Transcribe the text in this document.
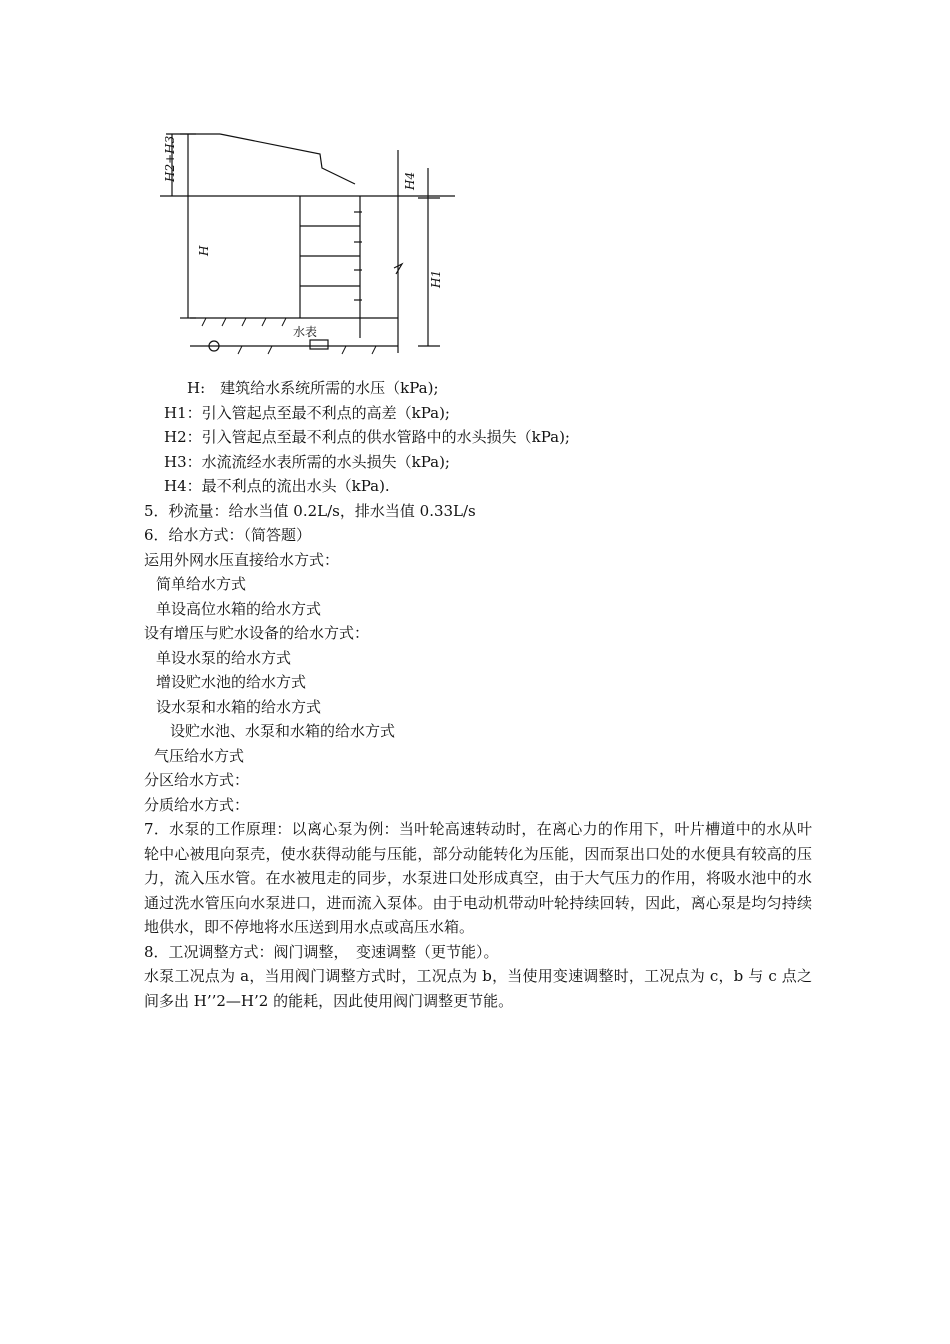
H2+H3
H
H4
H1
水表
H:　建筑给水系统所需的水压（kPa);
H1：引入管起点至最不利点的高差（kPa);
H2：引入管起点至最不利点的供水管路中的水头损失（kPa);
H3：水流流经水表所需的水头损失（kPa);
H4：最不利点的流出水头（kPa).
5．秒流量：给水当值 0.2L/s，排水当值 0.33L/s
6．给水方式：（简答题）
运用外网水压直接给水方式：
简单给水方式
单设高位水箱的给水方式
设有增压与贮水设备的给水方式：
单设水泵的给水方式
增设贮水池的给水方式
设水泵和水箱的给水方式
设贮水池、水泵和水箱的给水方式
气压给水方式
分区给水方式：
分质给水方式：
7．水泵的工作原理：以离心泵为例：当叶轮高速转动时，在离心力的作用下，叶片槽道中的水从叶轮中心被甩向泵壳，使水获得动能与压能，部分动能转化为压能，因而泵出口处的水便具有较高的压力，流入压水管。在水被甩走的同步，水泵进口处形成真空，由于大气压力的作用，将吸水池中的水通过洗水管压向水泵进口，进而流入泵体。由于电动机带动叶轮持续回转，因此，离心泵是均匀持续地供水，即不停地将水压送到用水点或高压水箱。
8．工况调整方式：阀门调整，　变速调整（更节能）。
水泵工况点为 a，当用阀门调整方式时，工况点为 b，当使用变速调整时，工况点为 c，b 与 c 点之间多出 H’’2—H’2 的能耗，因此使用阀门调整更节能。
